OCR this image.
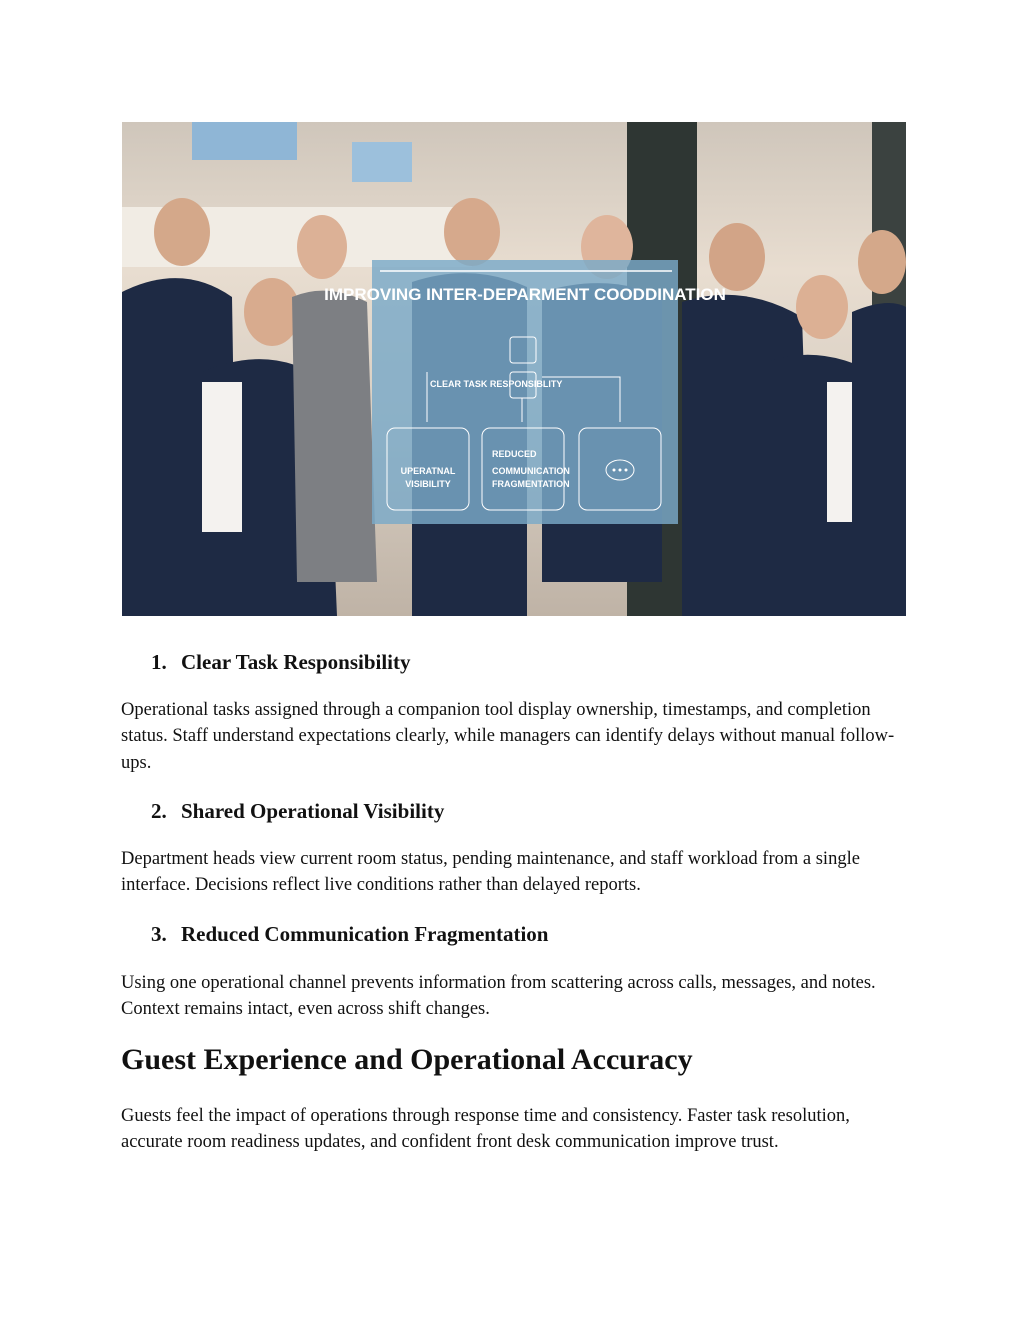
IMPROVING INTER-DEPARMENT COODDINATION
CLEAR TASK RESPONSIBLITY
UPERATNAL
VISIBILITY
REDUCED
COMMUNICATION
FRAGMENTATION
1. Clear Task Responsibility
Operational tasks assigned through a companion tool display ownership, timestamps, and completion status. Staff understand expectations clearly, while managers can identify delays without manual follow-ups.
2. Shared Operational Visibility
Department heads view current room status, pending maintenance, and staff workload from a single interface. Decisions reflect live conditions rather than delayed reports.
3. Reduced Communication Fragmentation
Using one operational channel prevents information from scattering across calls, messages, and notes. Context remains intact, even across shift changes.
Guest Experience and Operational Accuracy
Guests feel the impact of operations through response time and consistency. Faster task resolution, accurate room readiness updates, and confident front desk communication improve trust.
